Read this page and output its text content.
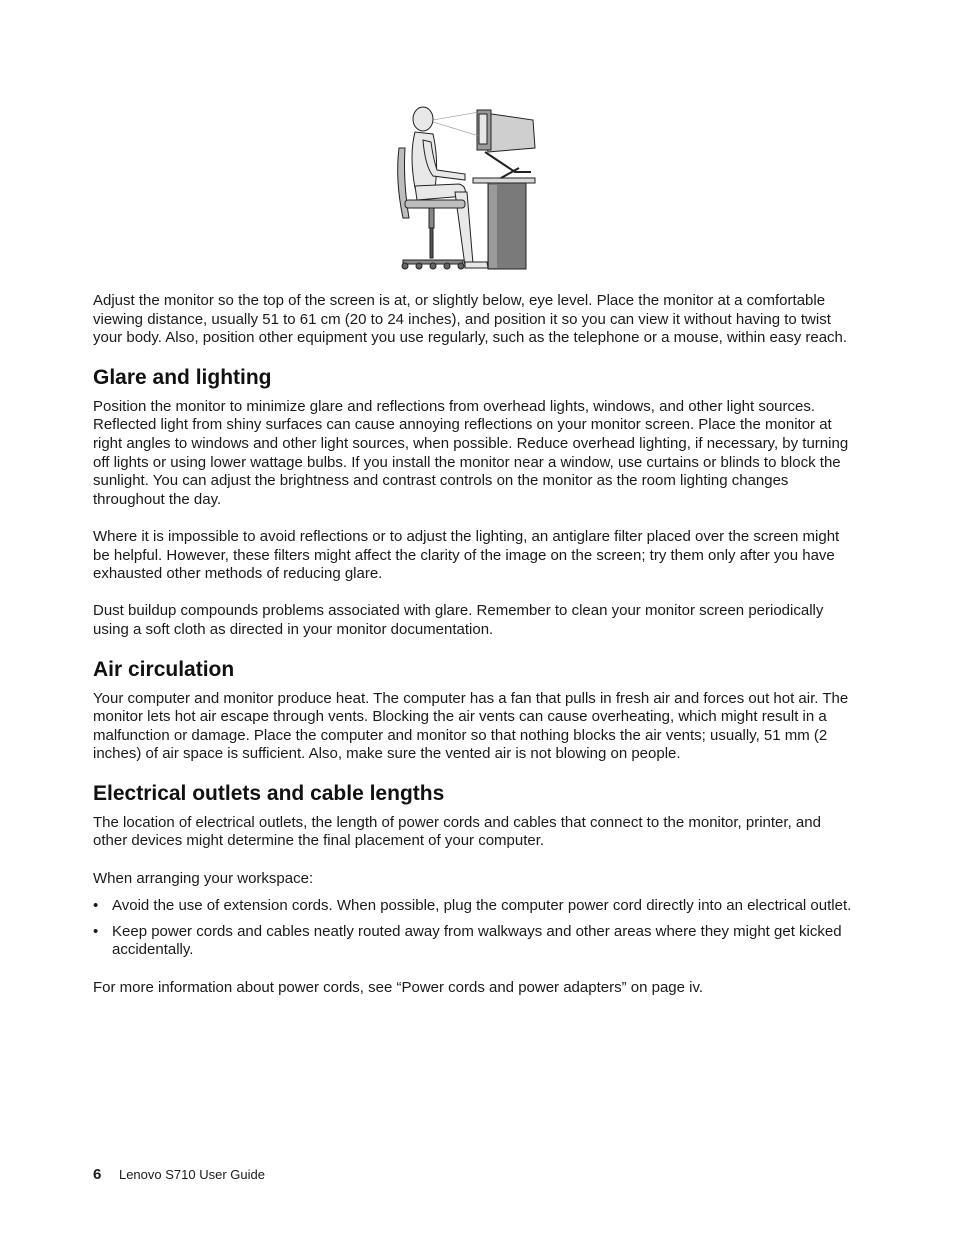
Adjust the monitor so the top of the screen is at, or slightly below, eye level. Place the monitor at a comfortable viewing distance, usually 51 to 61 cm (20 to 24 inches), and position it so you can view it without having to twist your body. Also, position other equipment you use regularly, such as the telephone or a mouse, within easy reach.

Glare and lighting

Position the monitor to minimize glare and reflections from overhead lights, windows, and other light sources. Reflected light from shiny surfaces can cause annoying reflections on your monitor screen. Place the monitor at right angles to windows and other light sources, when possible. Reduce overhead lighting, if necessary, by turning off lights or using lower wattage bulbs. If you install the monitor near a window, use curtains or blinds to block the sunlight. You can adjust the brightness and contrast controls on the monitor as the room lighting changes throughout the day.

Where it is impossible to avoid reflections or to adjust the lighting, an antiglare filter placed over the screen might be helpful. However, these filters might affect the clarity of the image on the screen; try them only after you have exhausted other methods of reducing glare.

Dust buildup compounds problems associated with glare. Remember to clean your monitor screen periodically using a soft cloth as directed in your monitor documentation.

Air circulation

Your computer and monitor produce heat. The computer has a fan that pulls in fresh air and forces out hot air. The monitor lets hot air escape through vents. Blocking the air vents can cause overheating, which might result in a malfunction or damage. Place the computer and monitor so that nothing blocks the air vents; usually, 51 mm (2 inches) of air space is sufficient. Also, make sure the vented air is not blowing on people.

Electrical outlets and cable lengths

The location of electrical outlets, the length of power cords and cables that connect to the monitor, printer, and other devices might determine the final placement of your computer.

When arranging your workspace:

• Avoid the use of extension cords. When possible, plug the computer power cord directly into an electrical outlet.
• Keep power cords and cables neatly routed away from walkways and other areas where they might get kicked accidentally.

For more information about power cords, see “Power cords and power adapters” on page iv.

6 Lenovo S710 User Guide
